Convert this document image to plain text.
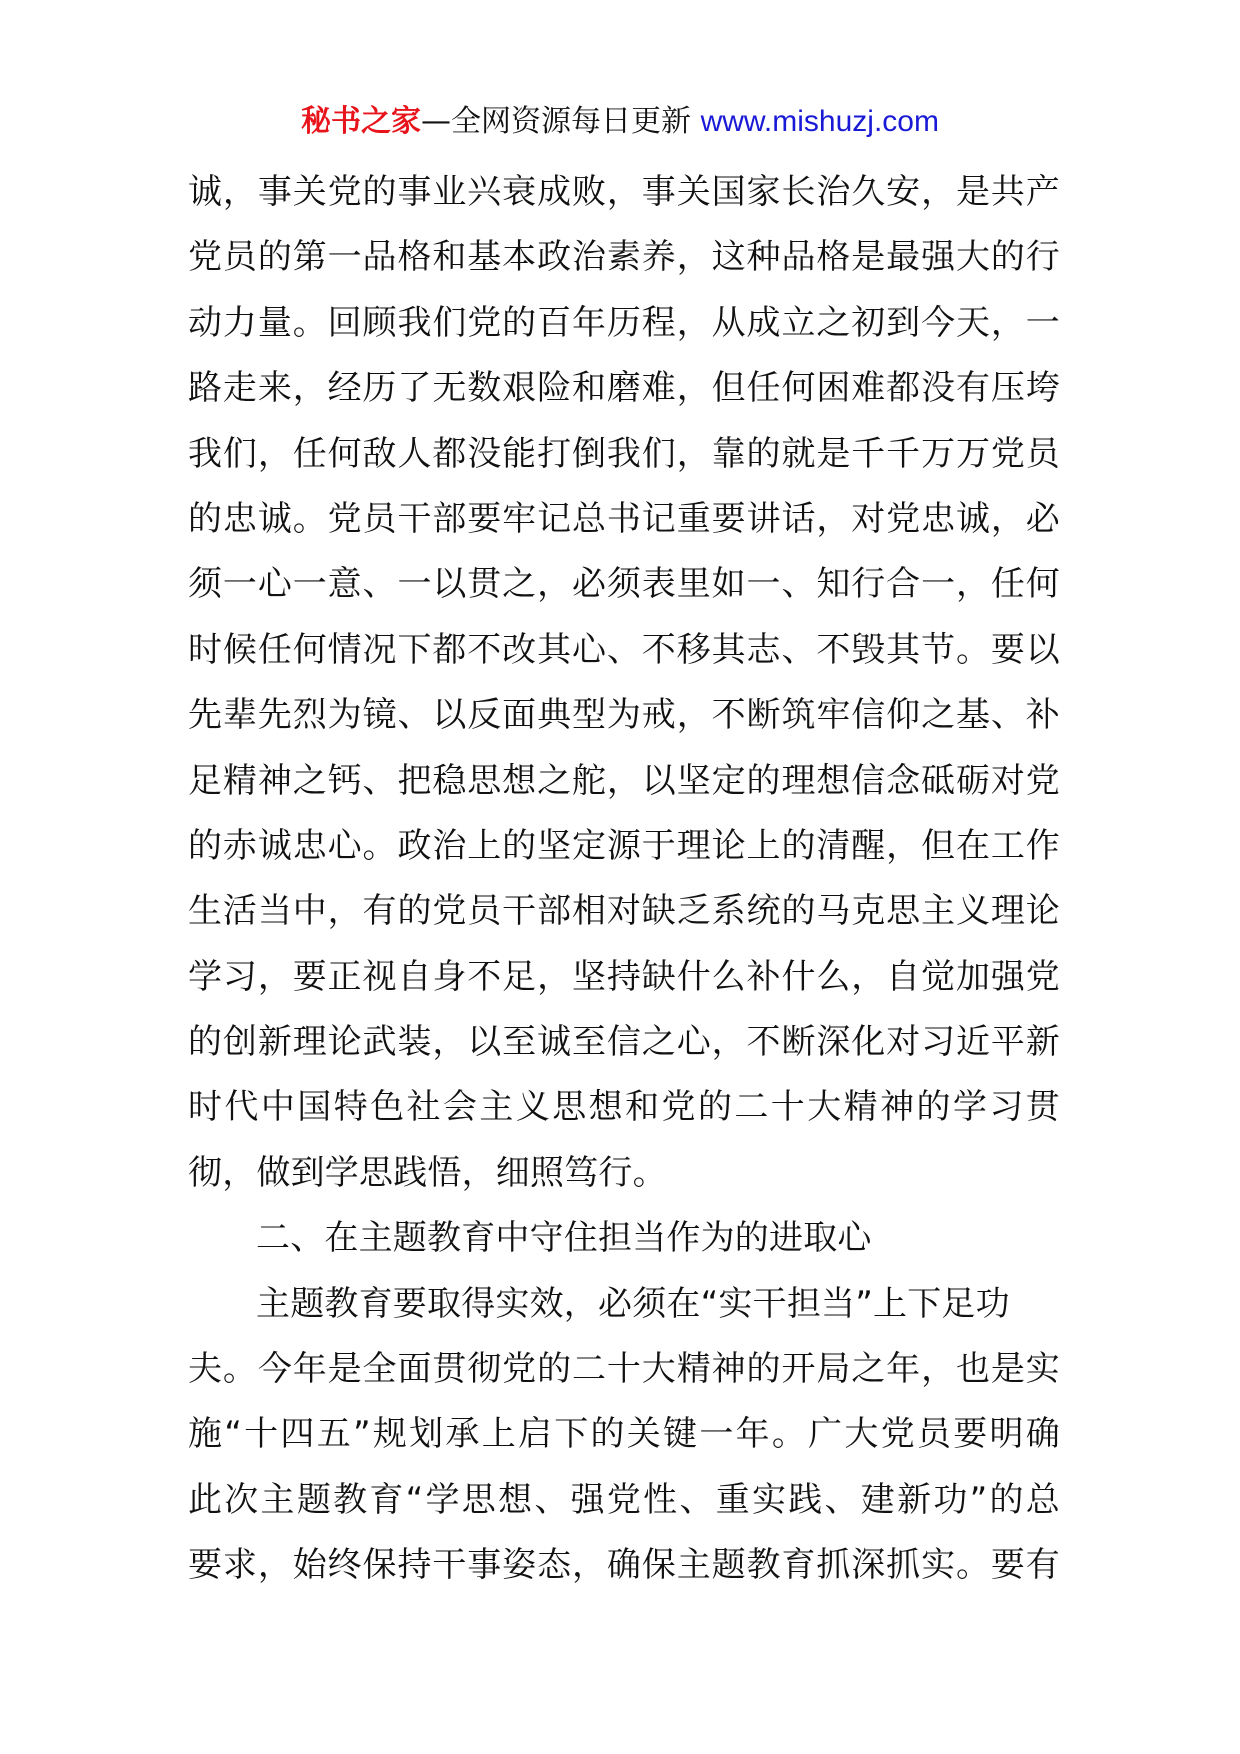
秘书之家—全网资源每日更新 www.mishuzj.com
诚，事关党的事业兴衰成败，事关国家长治久安，是共产
党员的第一品格和基本政治素养，这种品格是最强大的行
动力量。回顾我们党的百年历程，从成立之初到今天，一
路走来，经历了无数艰险和磨难，但任何困难都没有压垮
我们，任何敌人都没能打倒我们，靠的就是千千万万党员
的忠诚。党员干部要牢记总书记重要讲话，对党忠诚，必
须一心一意、一以贯之，必须表里如一、知行合一，任何
时候任何情况下都不改其心、不移其志、不毁其节。要以
先辈先烈为镜、以反面典型为戒，不断筑牢信仰之基、补
足精神之钙、把稳思想之舵，以坚定的理想信念砥砺对党
的赤诚忠心。政治上的坚定源于理论上的清醒，但在工作
生活当中，有的党员干部相对缺乏系统的马克思主义理论
学习，要正视自身不足，坚持缺什么补什么，自觉加强党
的创新理论武装，以至诚至信之心，不断深化对习近平新
时代中国特色社会主义思想和党的二十大精神的学习贯
彻，做到学思践悟，细照笃行。
二、在主题教育中守住担当作为的进取心
主题教育要取得实效，必须在“实干担当”上下足功
夫。今年是全面贯彻党的二十大精神的开局之年，也是实
施“十四五”规划承上启下的关键一年。广大党员要明确
此次主题教育“学思想、强党性、重实践、建新功”的总
要求，始终保持干事姿态，确保主题教育抓深抓实。要有
